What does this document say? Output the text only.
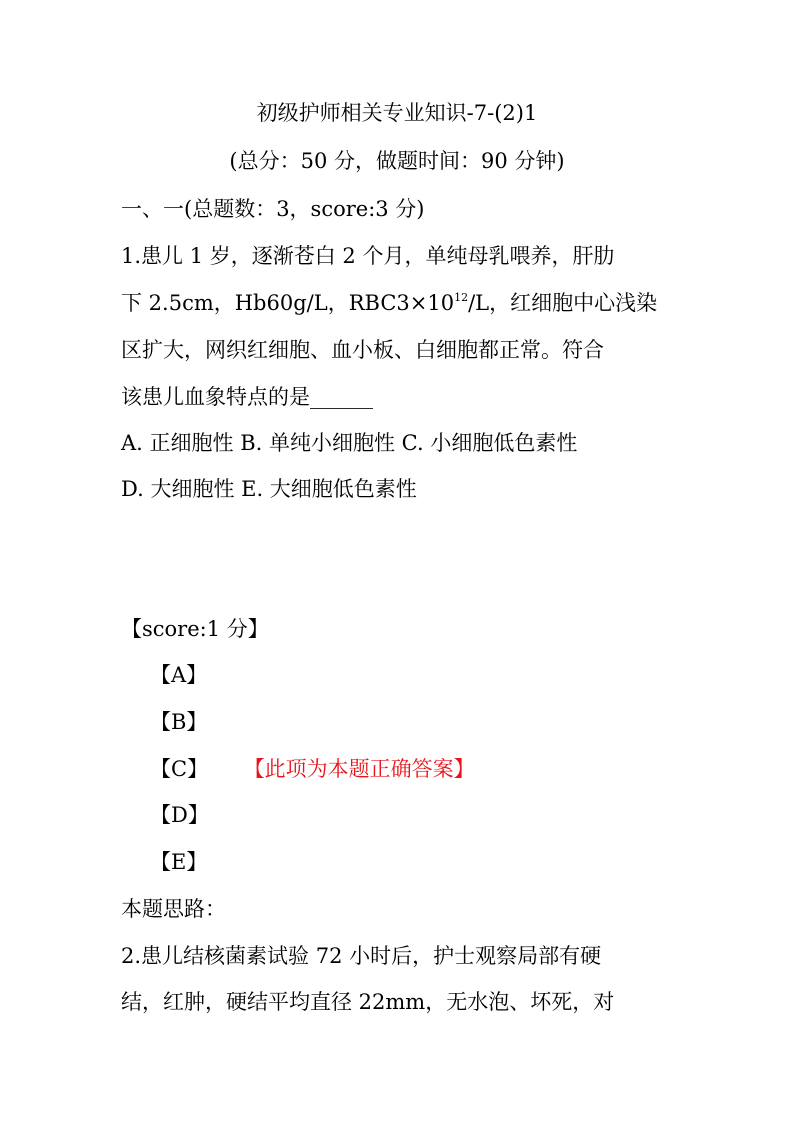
初级护师相关专业知识-7-(2)1
(总分：50 分，做题时间：90 分钟)
一、一(总题数：3，score:3 分)
1.患儿 1 岁，逐渐苍白 2 个月，单纯母乳喂养，肝肋
下 2.5cm，Hb60g/L，$RBC3\times 10^{12}/L$，红细胞中心浅染
区扩大，网织红细胞、血小板、白细胞都正常。符合
该患儿血象特点的是______
A. 正细胞性 B. 单纯小细胞性 C. 小细胞低色素性
D. 大细胞性 E. 大细胞低色素性
【score:1 分】
【A】
【B】
【C】 【此项为本题正确答案】
【D】
【E】
本题思路：
2.患儿结核菌素试验 72 小时后，护士观察局部有硬
结，红肿，硬结平均直径 22mm，无水泡、坏死，对
